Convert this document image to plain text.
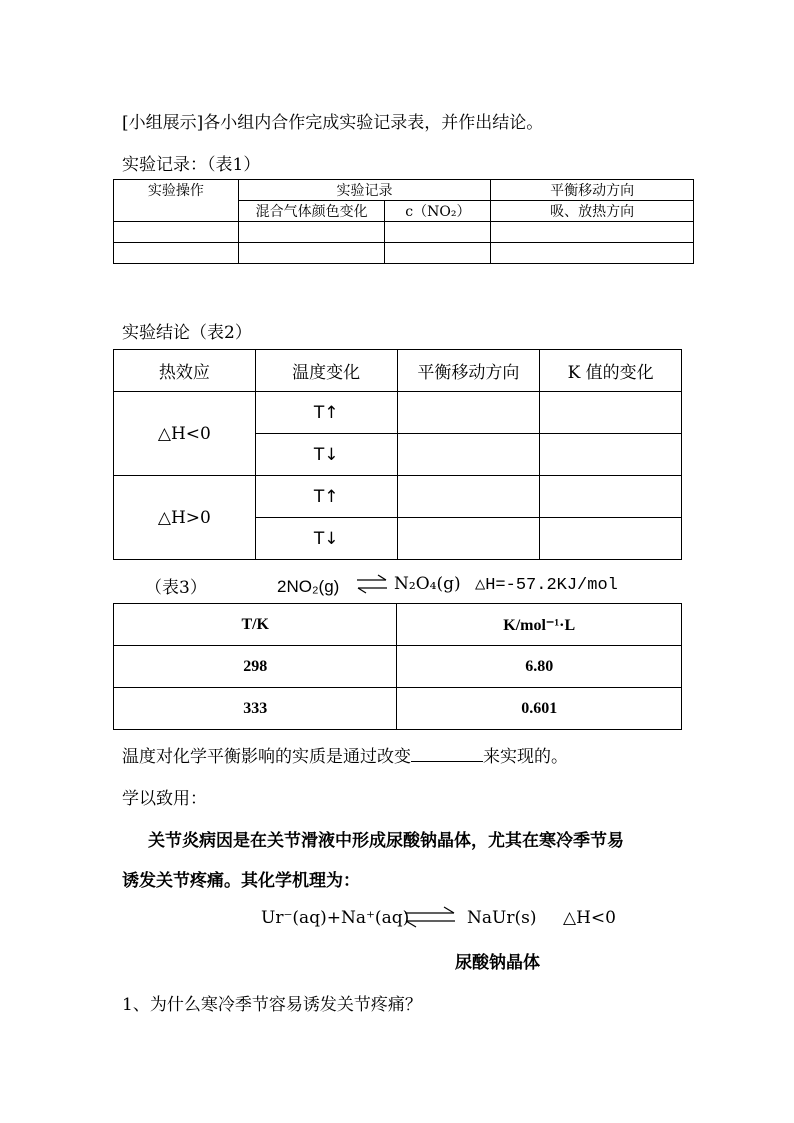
[小组展示]各小组内合作完成实验记录表，并作出结论。
实验记录：（表1）
实验操作	实验记录		平衡移动方向
	混合气体颜色变化	c（NO₂）	吸、放热方向

实验结论（表2）
热效应	温度变化	平衡移动方向	K 值的变化
△H<0	T↑		
	T↓		
△H>0	T↑		
	T↓		
（表3）	2NO₂(g) ⇌ N₂O₄(g) △H=-57.2KJ/mol
T/K	K/mol⁻¹·L
298	6.80
333	0.601
温度对化学平衡影响的实质是通过改变	来实现的。
学以致用：
关节炎病因是在关节滑液中形成尿酸钠晶体，尤其在寒冷季节易
诱发关节疼痛。其化学机理为：
Ur⁻(aq)+Na⁺(aq) ⇌ NaUr(s) △H<0
尿酸钠晶体
1、为什么寒冷季节容易诱发关节疼痛？
